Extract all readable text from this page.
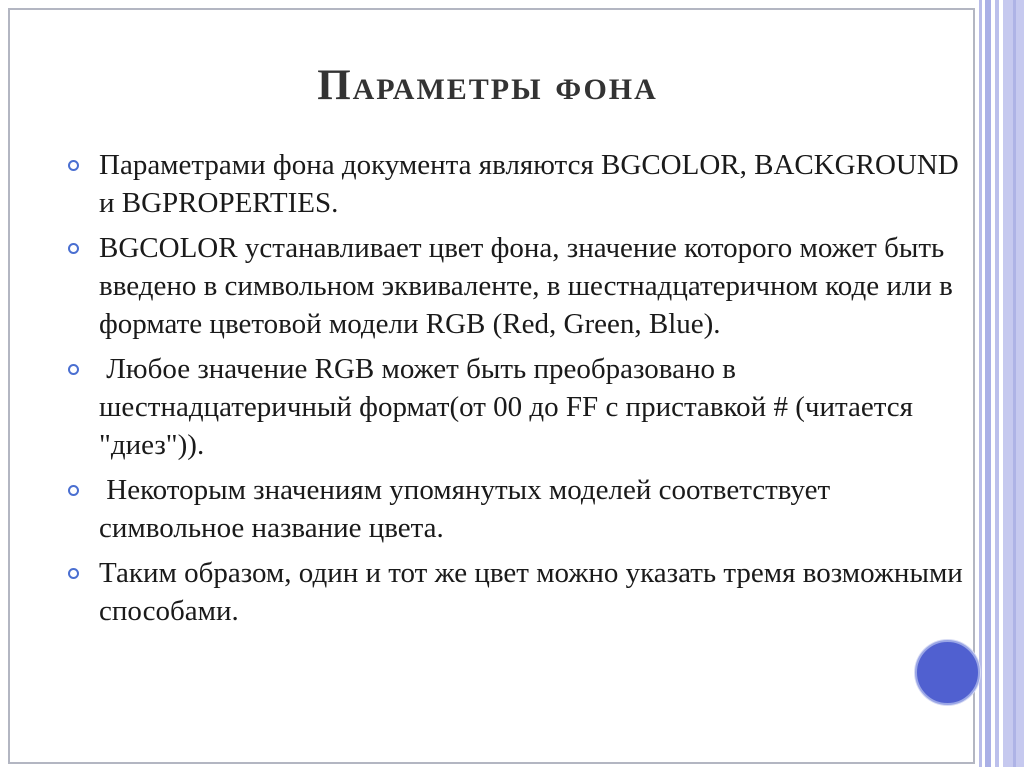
Параметры фона
Параметрами фона документа являются BGCOLOR, BACKGROUND и BGPROPERTIES.
BGCOLOR устанавливает цвет фона, значение которого может быть введено в символьном эквиваленте, в шестнадцатеричном коде или в формате цветовой модели RGB (Red, Green, Blue).
Любое значение RGB может быть преобразовано в шестнадцатеричный формат(от 00 до FF с приставкой # (читается "диез")).
Некоторым значениям упомянутых моделей соответствует символьное название цвета.
Таким образом, один и тот же цвет можно указать тремя возможными способами.
